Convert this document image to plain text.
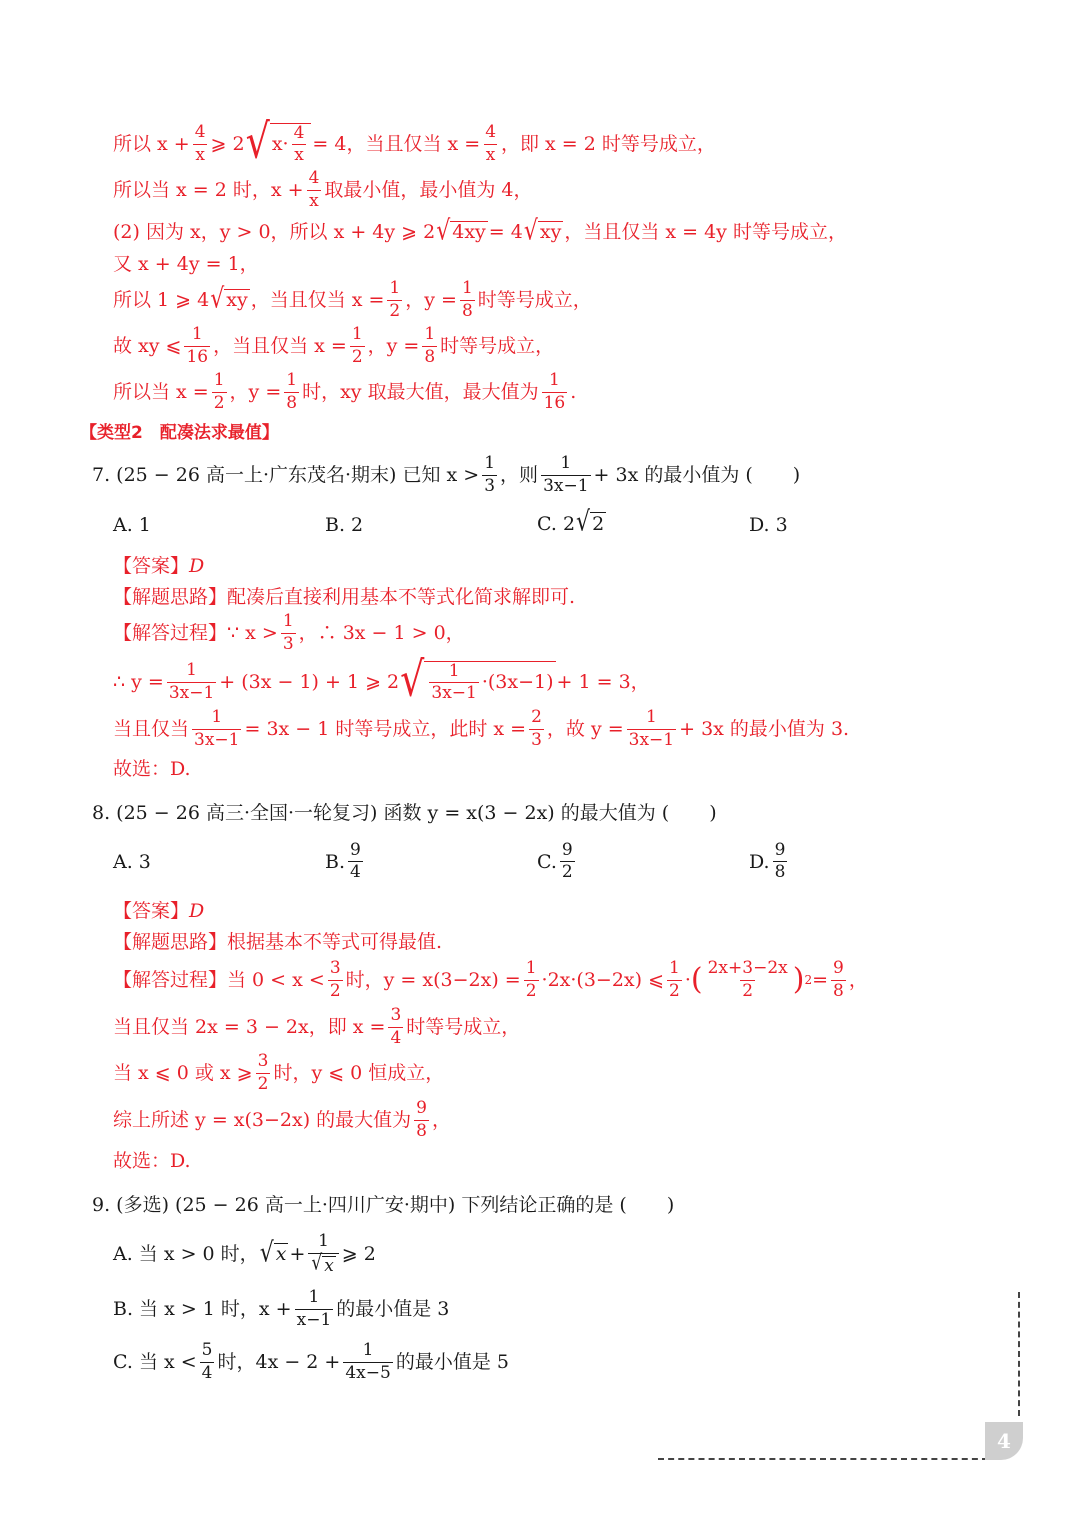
所以 $x + \frac{4}{x}$ ⩾ 2 √ $x\cdot \frac{4}{x} = 4$，当且仅当 $x = \frac{4}{x}$ ，即 x = 2 时等号成立，
所以当 x = 2 时，$x + \frac{4}{x}$ 取最小值，最小值为 4，
(2) 因为 x，y > 0，所以 x + 4y ⩾ 2 √ 4xy = 4 √ xy ，当且仅当 x = 4y 时等号成立，
又 x + 4y = 1，
所以 1 ⩾ 4 √ xy ，当且仅当 $x = \frac{1}{2}$ ，$y = \frac{1}{8}$ 时等号成立，
故 xy ⩽ $\frac{1}{16}$ ，当且仅当 $x = \frac{1}{2}$ ，$y = \frac{1}{8}$ 时等号成立，
所以当 $x = \frac{1}{2}$ ，$y = \frac{1}{8}$ 时，xy 取最大值，最大值为 $\frac{1}{16}$ .
【类型2　配凑法求最值】
7. (25 − 26 高一上·广东茂名·期末) 已知 $x > \frac{1}{3}$ ，则 $\frac{1}{3x-1} + 3x$ 的最小值为 ( )
A. 1	B. 2	C. 2 √ 2	D. 3
【答案】 D
【解题思路】 配凑后直接利用基本不等式化简求解即可.
【解答过程】 ∵ $x > \frac{1}{3}$ ，∴ 3x − 1 > 0，
∴ $y = \frac{1}{3x-1} + (3x - 1) + 1$ ⩾ 2 √ $\frac{1}{3x-1} \cdot(3x-1) + 1 = 3$，
当且仅当 $\frac{1}{3x-1} = 3x - 1$ 时等号成立，此时 $x = \frac{2}{3}$ ，故 $y = \frac{1}{3x-1} + 3x$ 的最小值为 3.
故选：D.
8. (25 − 26 高三·全国·一轮复习) 函数 y = x(3 − 2x) 的最大值为 ( )
A. 3	B. $\frac{9}{4}$	C. $\frac{9}{2}$	D. $\frac{9}{8}$
【答案】 D
【解题思路】 根据基本不等式可得最值.
【解答过程】 当 $0 < x < \frac{3}{2}$ 时，$y = x(3-2x) = \frac{1}{2} \cdot 2x\cdot(3-2x)$ ⩽ $\frac{1}{2}$ · ( $\frac{2x+3-2x}{2}$ ) $2 = \frac{9}{8}$ ，
当且仅当 2x = 3 − 2x，即 $x = \frac{3}{4}$ 时等号成立，
当 x ⩽ 0 或 x ⩾ $\frac{3}{2}$ 时，y ⩽ 0 恒成立，
综上所述 y = x(3−2x) 的最大值为 $\frac{9}{8}$ ，
故选：D.
9. (多选) (25 − 26 高一上·四川广安·期中) 下列结论正确的是 ( )
A. 当 x > 0 时， √ $x + \frac{1}{√ x}$ ⩾ 2
B. 当 x > 1 时，$x + \frac{1}{x-1}$ 的最小值是 3
C. 当 $x < \frac{5}{4}$ 时，$4x - 2 + \frac{1}{4x-5}$ 的最小值是 5
4
